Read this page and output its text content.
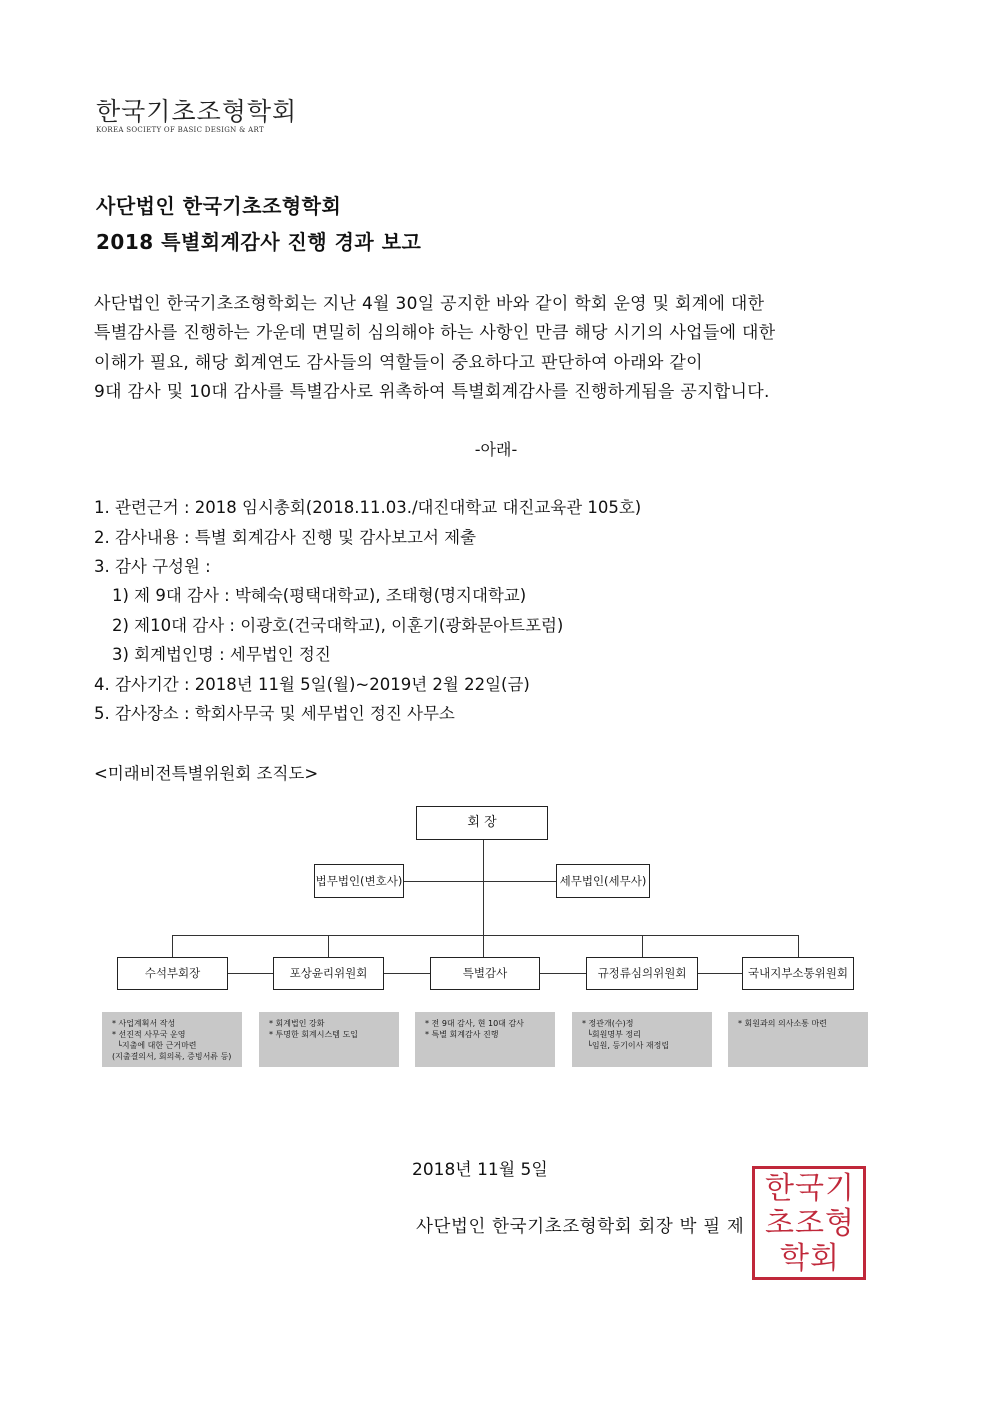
한국기초조형학회
KOREA SOCIETY OF BASIC DESIGN & ART
사단법인 한국기초조형학회
2018 특별회계감사 진행 경과 보고
사단법인 한국기초조형학회는 지난 4월 30일 공지한 바와 같이 학회 운영 및 회계에 대한
특별감사를 진행하는 가운데 면밀히 심의해야 하는 사항인 만큼 해당 시기의 사업들에 대한
이해가 필요, 해당 회계연도 감사들의 역할들이 중요하다고 판단하여 아래와 같이
9대 감사 및 10대 감사를 특별감사로 위촉하여 특별회계감사를 진행하게됨을 공지합니다.
-아래-
1. 관련근거 : 2018 임시총회(2018.11.03./대진대학교 대진교육관 105호)
2. 감사내용 : 특별 회계감사 진행 및 감사보고서 제출
3. 감사 구성원 :
1) 제 9대 감사 : 박혜숙(평택대학교), 조태형(명지대학교)
2) 제10대 감사 : 이광호(건국대학교), 이훈기(광화문아트포럼)
3) 회계법인명 : 세무법인 정진
4. 감사기간 : 2018년 11월 5일(월)~2019년 2월 22일(금)
5. 감사장소 : 학회사무국 및 세무법인 정진 사무소
<미래비전특별위원회 조직도>
회 장
법무법인(변호사)	세무법인(세무사)
수석부회장	포상윤리위원회	특별감사	규정류심의위원회	국내지부소통위원회
* 사업계획서 작성
* 선진적 사무국 운영
└지출에 대한 근거마련
(지출결의서, 회의록, 증빙서류 등)
* 회계법인 강화
* 투명한 회계시스템 도입
* 전 9대 감사, 현 10대 감사
* 특별 회계감사 진행
* 정관개(수)정
└회원명부 정리
└임원, 등기이사 재정립
* 회원과의 의사소통 마련
2018년 11월 5일
사단법인 한국기초조형학회 회장 박 필 제
한국기초조형학회
